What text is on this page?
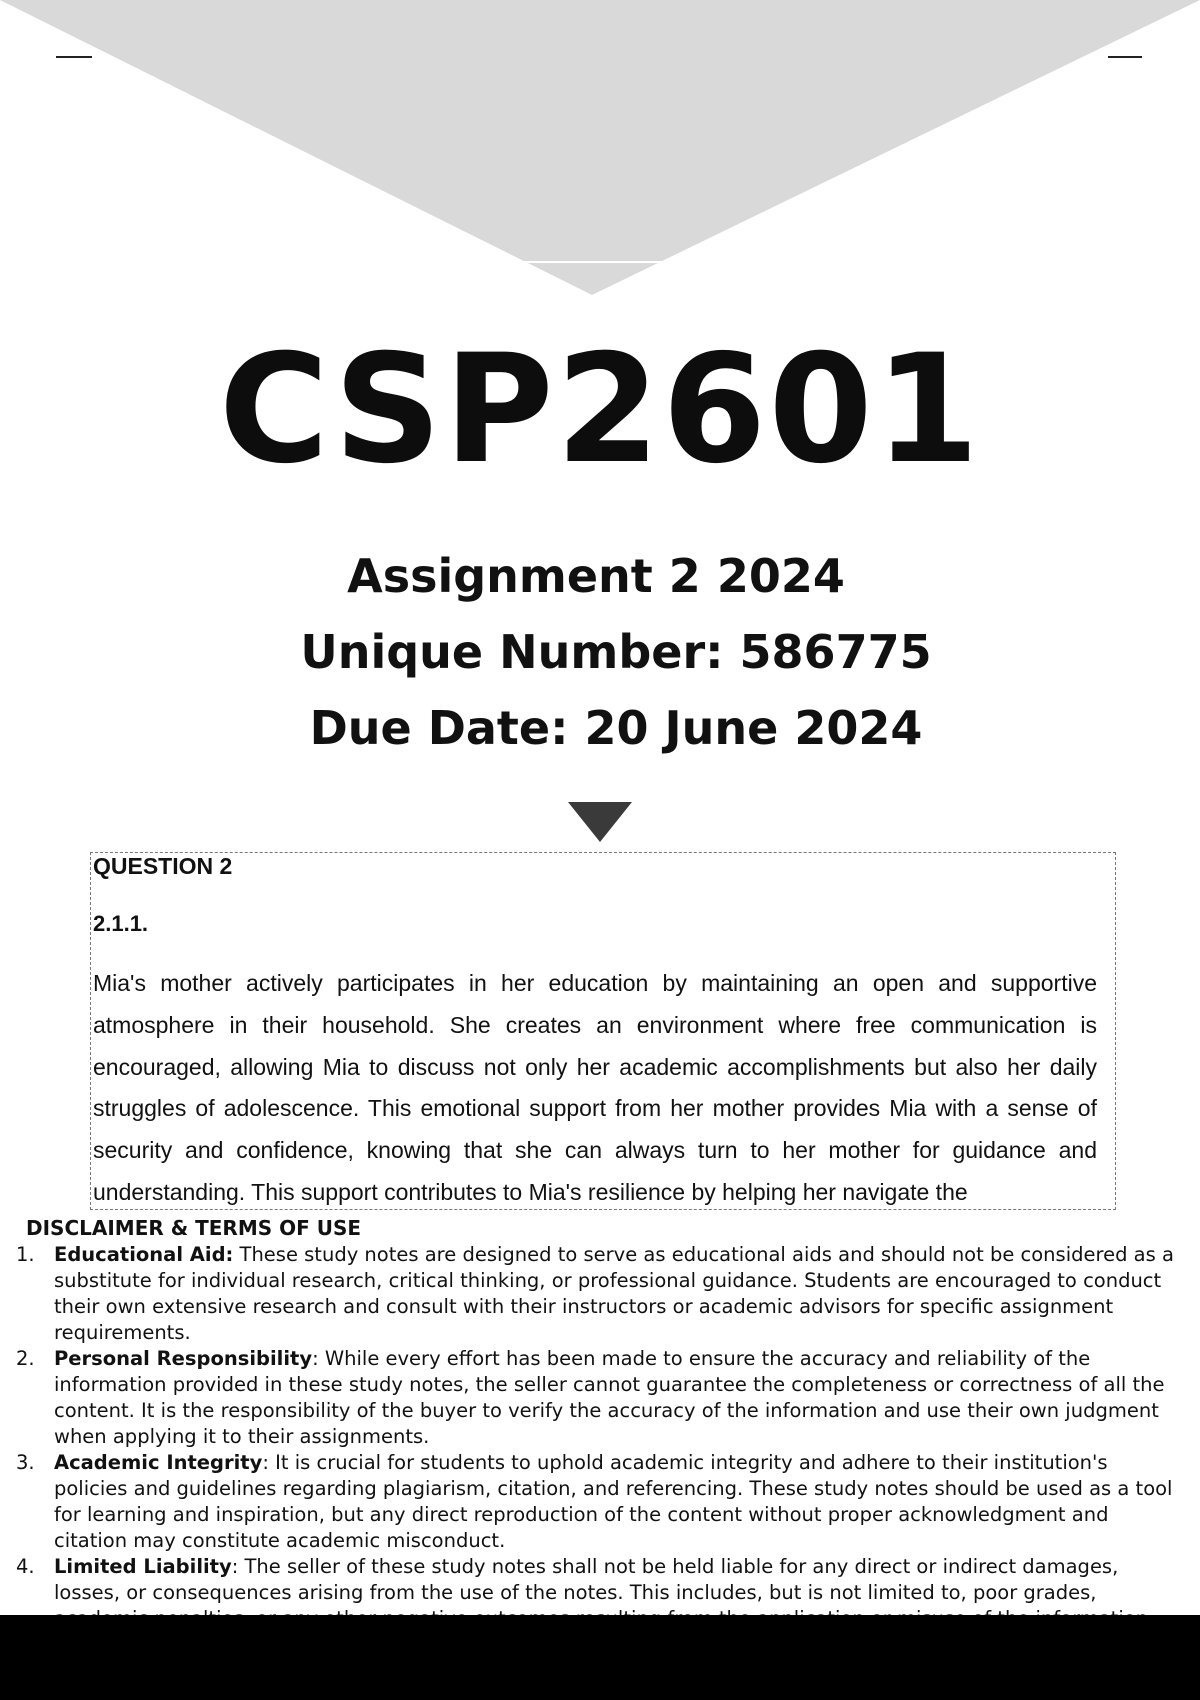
CSP2601
Assignment 2 2024
Unique Number: 586775
Due Date: 20 June 2024
QUESTION 2
2.1.1.
Mia's mother actively participates in her education by maintaining an open and supportive atmosphere in their household. She creates an environment where free communication is encouraged, allowing Mia to discuss not only her academic accomplishments but also her daily struggles of adolescence. This emotional support from her mother provides Mia with a sense of security and confidence, knowing that she can always turn to her mother for guidance and understanding. This support contributes to Mia's resilience by helping her navigate the
DISCLAIMER & TERMS OF USE
1. Educational Aid: These study notes are designed to serve as educational aids and should not be considered as a substitute for individual research, critical thinking, or professional guidance. Students are encouraged to conduct their own extensive research and consult with their instructors or academic advisors for specific assignment requirements.
2. Personal Responsibility: While every effort has been made to ensure the accuracy and reliability of the information provided in these study notes, the seller cannot guarantee the completeness or correctness of all the content. It is the responsibility of the buyer to verify the accuracy of the information and use their own judgment when applying it to their assignments.
3. Academic Integrity: It is crucial for students to uphold academic integrity and adhere to their institution's policies and guidelines regarding plagiarism, citation, and referencing. These study notes should be used as a tool for learning and inspiration, but any direct reproduction of the content without proper acknowledgment and citation may constitute academic misconduct.
4. Limited Liability: The seller of these study notes shall not be held liable for any direct or indirect damages, losses, or consequences arising from the use of the notes. This includes, but is not limited to, poor grades,
